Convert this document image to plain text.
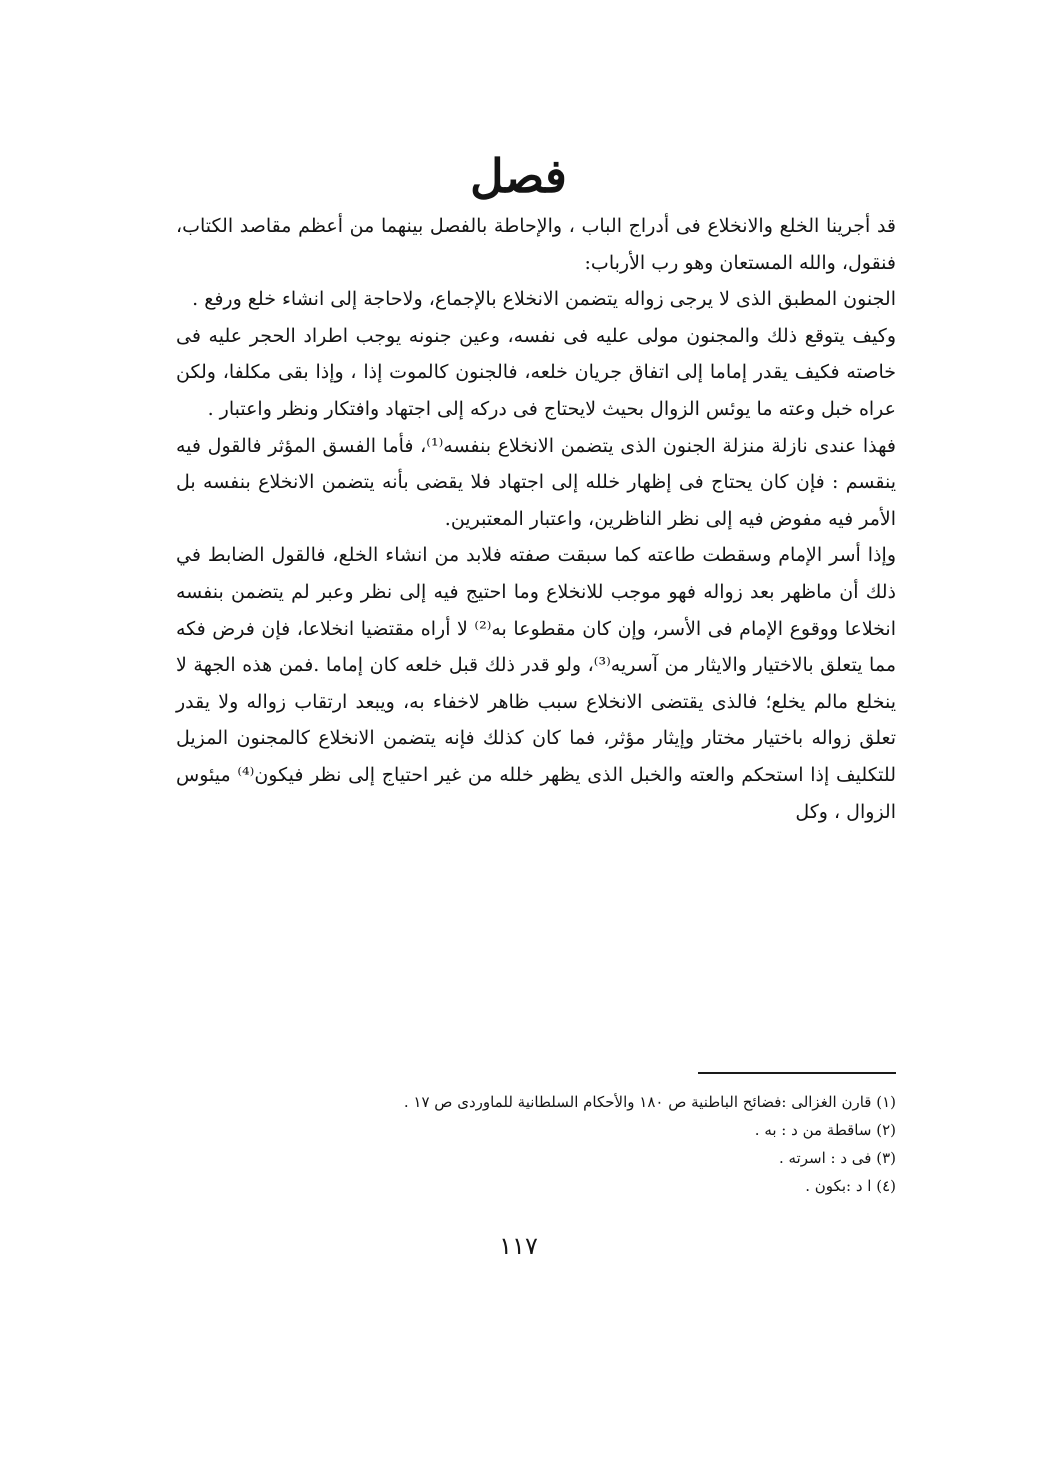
فصل

قد أجرينا الخلع والانخلاع فى أدراج الباب ، والإحاطة بالفصل بينهما من أعظم مقاصد الكتاب، فنقول، والله المستعان وهو رب الأرباب:

الجنون المطبق الذى لا يرجى زواله يتضمن الانخلاع بالإجماع، ولاحاجة إلى انشاء خلع ورفع .

وكيف يتوقع ذلك والمجنون مولى عليه فى نفسه، وعين جنونه يوجب اطراد الحجر عليه فى خاصته فكيف يقدر إماما إلى اتفاق جريان خلعه، فالجنون كالموت إذا ، وإذا بقى مكلفا، ولكن عراه خبل وعته ما يوئس الزوال بحيث لايحتاج فى دركه إلى اجتهاد وافتكار ونظر واعتبار .

فهذا عندى نازلة منزلة الجنون الذى يتضمن الانخلاع بنفسه⁽¹⁾، فأما الفسق المؤثر فالقول فيه ينقسم : فإن كان يحتاج فى إظهار خلله إلى اجتهاد فلا يقضى بأنه يتضمن الانخلاع بنفسه بل الأمر فيه مفوض فيه إلى نظر الناظرين، واعتبار المعتبرين.

وإذا أسر الإمام وسقطت طاعته كما سبقت صفته فلابد من انشاء الخلع، فالقول الضابط في ذلك أن ماظهر بعد زواله فهو موجب للانخلاع وما احتيج فيه إلى نظر وعبر لم يتضمن بنفسه انخلاعا ووقوع الإمام فى الأسر، وإن كان مقطوعا به⁽²⁾ لا أراه مقتضيا انخلاعا، فإن فرض فكه مما يتعلق بالاختيار والايثار من آسريه⁽³⁾، ولو قدر ذلك قبل خلعه كان إماما .فمن هذه الجهة لا ينخلع مالم يخلع؛ فالذى يقتضى الانخلاع سبب ظاهر لاخفاء به، ويبعد ارتقاب زواله ولا يقدر تعلق زواله باختيار مختار وإيثار مؤثر، فما كان كذلك فإنه يتضمن الانخلاع كالمجنون المزيل للتكليف إذا استحكم والعته والخبل الذى يظهر خلله من غير احتياج إلى نظر فيكون⁽⁴⁾ ميئوس الزوال ، وكل

(١) قارن الغزالى :فضائح الباطنية ص ١٨٠ والأحكام السلطانية للماوردى ص ١٧ .

(٢) ساقطة من د : به .

(٣) فى د : اسرته .

(٤) ا د :بكون .

١١٧
